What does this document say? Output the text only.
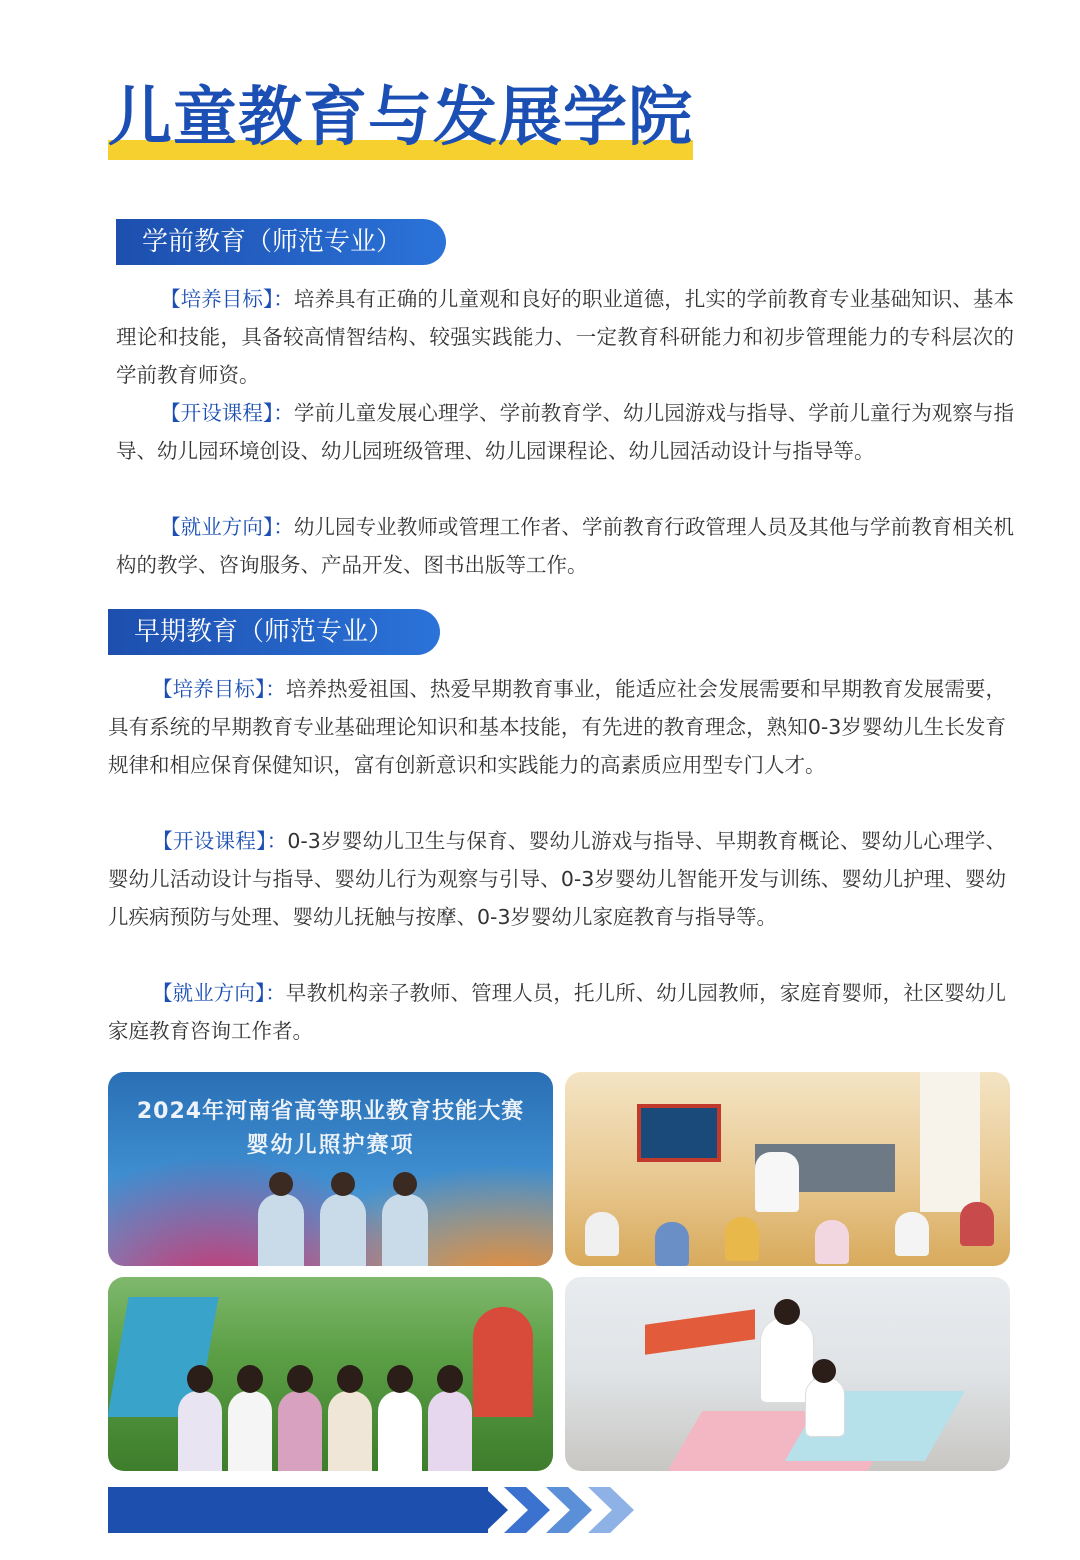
儿童教育与发展学院
学前教育（师范专业）

【培养目标】：培养具有正确的儿童观和良好的职业道德，扎实的学前教育专业基础知识、基本理论和技能，具备较高情智结构、较强实践能力、一定教育科研能力和初步管理能力的专科层次的学前教育师资。

【开设课程】：学前儿童发展心理学、学前教育学、幼儿园游戏与指导、学前儿童行为观察与指导、幼儿园环境创设、幼儿园班级管理、幼儿园课程论、幼儿园活动设计与指导等。

【就业方向】：幼儿园专业教师或管理工作者、学前教育行政管理人员及其他与学前教育相关机构的教学、咨询服务、产品开发、图书出版等工作。

早期教育（师范专业）

【培养目标】：培养热爱祖国、热爱早期教育事业，能适应社会发展需要和早期教育发展需要，具有系统的早期教育专业基础理论知识和基本技能，有先进的教育理念，熟知0-3岁婴幼儿生长发育规律和相应保育保健知识，富有创新意识和实践能力的高素质应用型专门人才。

【开设课程】：0-3岁婴幼儿卫生与保育、婴幼儿游戏与指导、早期教育概论、婴幼儿心理学、婴幼儿活动设计与指导、婴幼儿行为观察与引导、0-3岁婴幼儿智能开发与训练、婴幼儿护理、婴幼儿疾病预防与处理、婴幼儿抚触与按摩、0-3岁婴幼儿家庭教育与指导等。

【就业方向】：早教机构亲子教师、管理人员，托儿所、幼儿园教师，家庭育婴师，社区婴幼儿家庭教育咨询工作者。

2024年河南省高等职业教育技能大赛
婴幼儿照护赛项
